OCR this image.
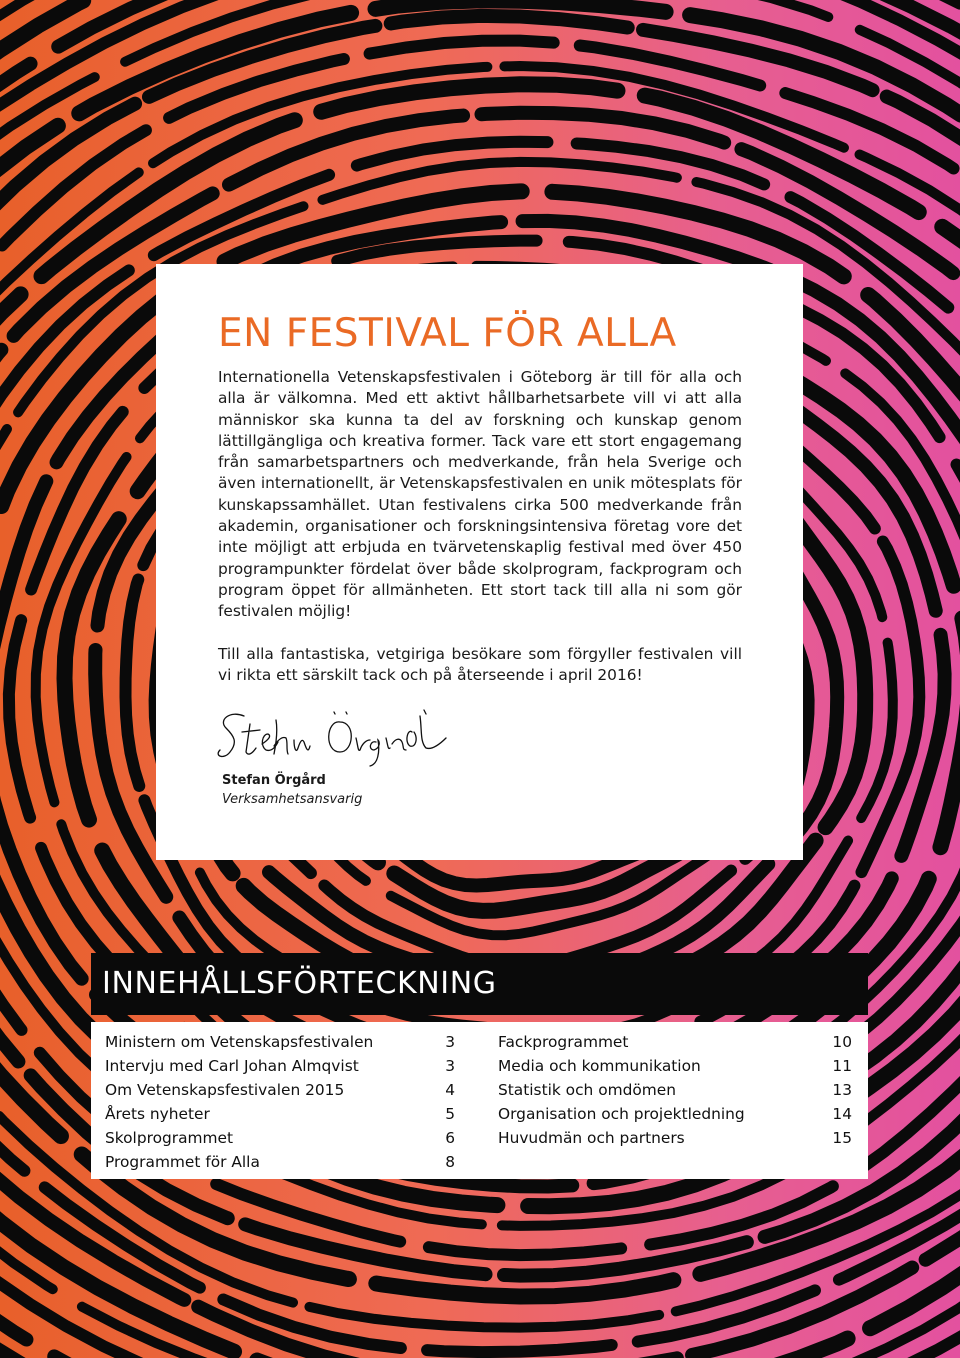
EN FESTIVAL FÖR ALLA

Internationella Vetenskapsfestivalen i Göteborg är till för alla och alla är välkomna. Med ett aktivt hållbarhetsarbete vill vi att alla människor ska kunna ta del av forskning och kunskap genom lättillgängliga och kreativa former. Tack vare ett stort engagemang från samarbetspartners och medverkande, från hela Sverige och även internationellt, är Vetenskapsfestivalen en unik mötesplats för kunskapssamhället. Utan festivalens cirka 500 medverkande från akademin, organisationer och forskningsintensiva företag vore det inte möjligt att erbjuda en tvärvetenskaplig festival med över 450 programpunkter fördelat över både skolprogram, fackprogram och program öppet för allmänheten. Ett stort tack till alla ni som gör festivalen möjlig!

Till alla fantastiska, vetgiriga besökare som förgyller festivalen vill vi rikta ett särskilt tack och på återseende i april 2016!

Stefan Örgård
Verksamhetsansvarig
INNEHÅLLSFÖRTECKNING
Ministern om Vetenskapsfestivalen	3
Intervju med Carl Johan Almqvist	3
Om Vetenskapsfestivalen 2015	4
Årets nyheter	5
Skolprogrammet	6
Programmet för Alla	8
Fackprogrammet	10
Media och kommunikation	11
Statistik och omdömen	13
Organisation och projektledning	14
Huvudmän och partners	15
